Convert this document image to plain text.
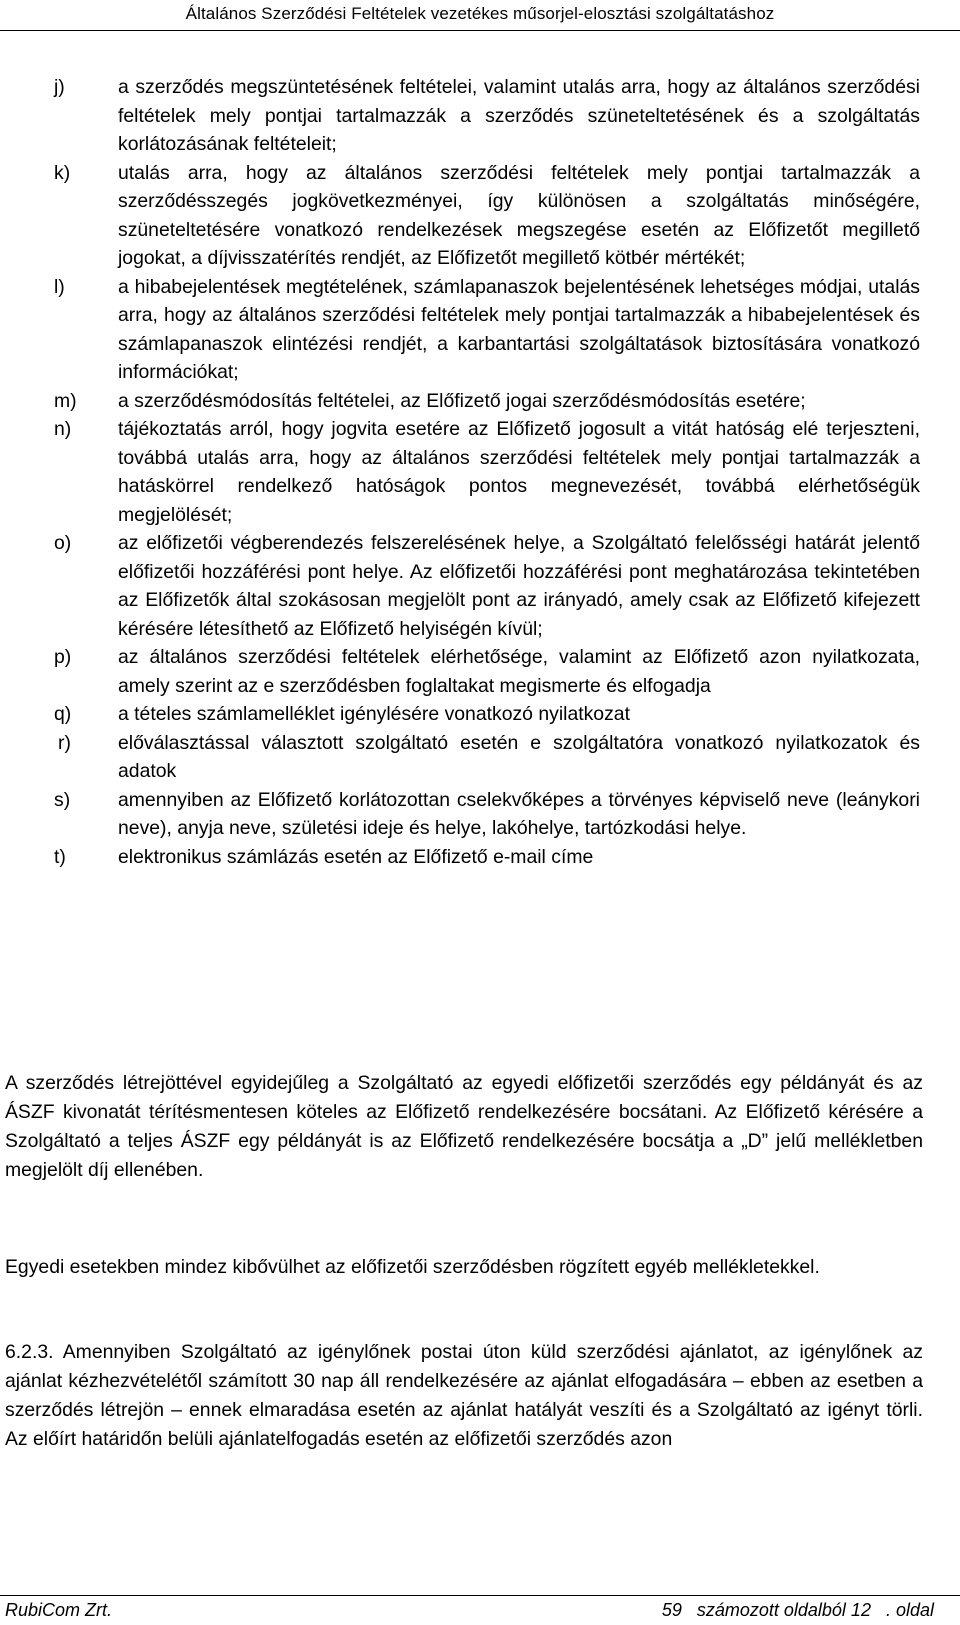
Általános Szerződési Feltételek vezetékes műsorjel-elosztási szolgáltatáshoz
j)	a szerződés megszüntetésének feltételei, valamint utalás arra, hogy az általános szerződési feltételek mely pontjai tartalmazzák a szerződés szüneteltetésének és a szolgáltatás korlátozásának feltételeit;
k)	utalás arra, hogy az általános szerződési feltételek mely pontjai tartalmazzák a szerződésszegés jogkövetkezményei, így különösen a szolgáltatás minőségére, szüneteltetésére vonatkozó rendelkezések megszegése esetén az Előfizetőt megillető jogokat, a díjvisszatérítés rendjét, az Előfizetőt megillető kötbér mértékét;
l)	a hibabejelentések megtételének, számlapanaszok bejelentésének lehetséges módjai, utalás arra, hogy az általános szerződési feltételek mely pontjai tartalmazzák a hibabejelentések és számlapanaszok elintézési rendjét, a karbantartási szolgáltatások biztosítására vonatkozó információkat;
m)	a szerződésmódosítás feltételei, az Előfizető jogai szerződésmódosítás esetére;
n)	tájékoztatás arról, hogy jogvita esetére az Előfizető jogosult a vitát hatóság elé terjeszteni, továbbá utalás arra, hogy az általános szerződési feltételek mely pontjai tartalmazzák a hatáskörrel rendelkező hatóságok pontos megnevezését, továbbá elérhetőségük megjelölését;
o)	az előfizetői végberendezés felszerelésének helye, a Szolgáltató felelősségi határát jelentő előfizetői hozzáférési pont helye. Az előfizetői hozzáférési pont meghatározása tekintetében az Előfizetők által szokásosan megjelölt pont az irányadó, amely csak az Előfizető kifejezett kérésére létesíthető az Előfizető helyiségén kívül;
p)	az általános szerződési feltételek elérhetősége, valamint az Előfizető azon nyilatkozata, amely szerint az e szerződésben foglaltakat megismerte és elfogadja
q)	a tételes számlamelléklet igénylésére vonatkozó nyilatkozat
r)	előválasztással választott szolgáltató esetén e szolgáltatóra vonatkozó nyilatkozatok és adatok
s)	amennyiben az Előfizető korlátozottan cselekvőképes a törvényes képviselő neve (leánykori neve), anyja neve, születési ideje és helye, lakóhelye, tartózkodási helye.
t)	elektronikus számlázás esetén az Előfizető e-mail címe

A szerződés létrejöttével egyidejűleg a Szolgáltató az egyedi előfizetői szerződés egy példányát és az ÁSZF kivonatát térítésmentesen köteles az Előfizető rendelkezésére bocsátani. Az Előfizető kérésére a Szolgáltató a teljes ÁSZF egy példányát is az Előfizető rendelkezésére bocsátja a „D” jelű mellékletben megjelölt díj ellenében.

Egyedi esetekben mindez kibővülhet az előfizetői szerződésben rögzített egyéb mellékletekkel.

6.2.3. Amennyiben Szolgáltató az igénylőnek postai úton küld szerződési ajánlatot, az igénylőnek az ajánlat kézhezvételétől számított 30 nap áll rendelkezésére az ajánlat elfogadására – ebben az esetben a szerződés létrejön – ennek elmaradása esetén az ajánlat hatályát veszíti és a Szolgáltató az igényt törli. Az előírt határidőn belüli ajánlatelfogadás esetén az előfizetői szerződés azon

RubiCom Zrt.	59   számozott oldalból 12   . oldal
